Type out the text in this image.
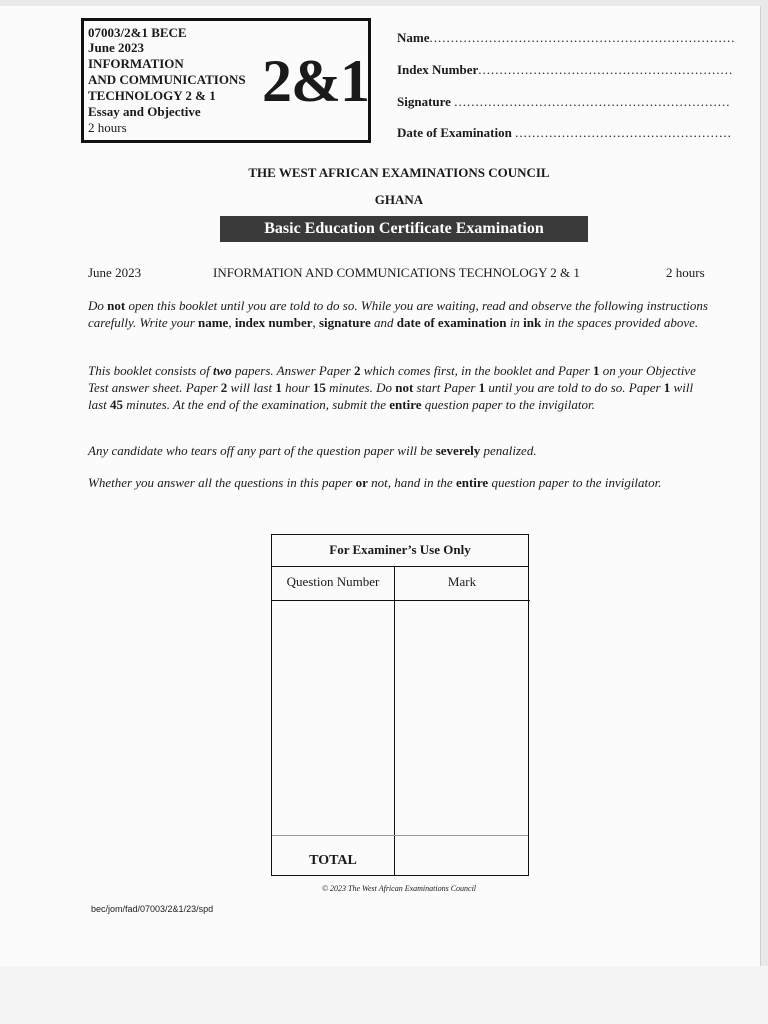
07003/2&1 BECE
June 2023
INFORMATION
AND COMMUNICATIONS
TECHNOLOGY 2 & 1
Essay and Objective
2 hours
2&1
Name........................................................................
Index Number............................................................
Signature .................................................................
Date of Examination ...................................................
THE WEST AFRICAN EXAMINATIONS COUNCIL
GHANA
Basic Education Certificate Examination
June 2023	INFORMATION AND COMMUNICATIONS TECHNOLOGY 2 & 1	2 hours
Do not open this booklet until you are told to do so. While you are waiting, read and observe the following instructions carefully. Write your name, index number, signature and date of examination in ink in the spaces provided above.
This booklet consists of two papers. Answer Paper 2 which comes first, in the booklet and Paper 1 on your Objective Test answer sheet. Paper 2 will last 1 hour 15 minutes. Do not start Paper 1 until you are told to do so. Paper 1 will last 45 minutes. At the end of the examination, submit the entire question paper to the invigilator.
Any candidate who tears off any part of the question paper will be severely penalized.
Whether you answer all the questions in this paper or not, hand in the entire question paper to the invigilator.
For Examiner’s Use Only
Question Number	Mark
TOTAL
© 2023 The West African Examinations Council
bec/jom/fad/07003/2&1/23/spd
